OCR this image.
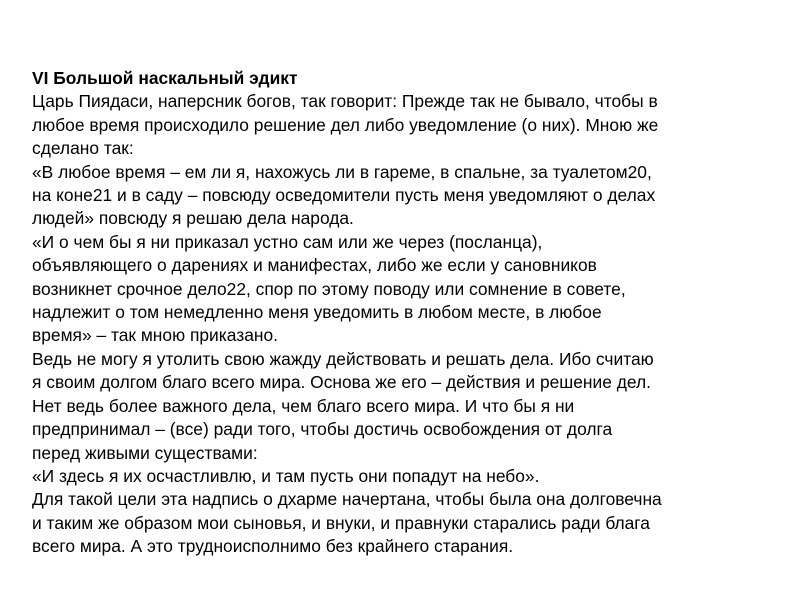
VI Большой наскальный эдикт
Царь Пиядаси, наперсник богов, так говорит: Прежде так не бывало, чтобы в
любое время происходило решение дел либо уведомление (о них). Мною же
сделано так:
«В любое время – ем ли я, нахожусь ли в гареме, в спальне, за туалетом20,
на коне21 и в саду – повсюду осведомители пусть меня уведомляют о делах
людей» повсюду я решаю дела народа.
«И о чем бы я ни приказал устно сам или же через (посланца),
объявляющего о дарениях и манифестах, либо же если у сановников
возникнет срочное дело22, спор по этому поводу или сомнение в совете,
надлежит о том немедленно меня уведомить в любом месте, в любое
время» – так мною приказано.
Ведь не могу я утолить свою жажду действовать и решать дела. Ибо считаю
я своим долгом благо всего мира. Основа же его – действия и решение дел.
Нет ведь более важного дела, чем благо всего мира. И что бы я ни
предпринимал – (все) ради того, чтобы достичь освобождения от долга
перед живыми существами:
«И здесь я их осчастливлю, и там пусть они попадут на небо».
Для такой цели эта надпись о дхарме начертана, чтобы была она долговечна
и таким же образом мои сыновья, и внуки, и правнуки старались ради блага
всего мира. А это трудноисполнимо без крайнего старания.
